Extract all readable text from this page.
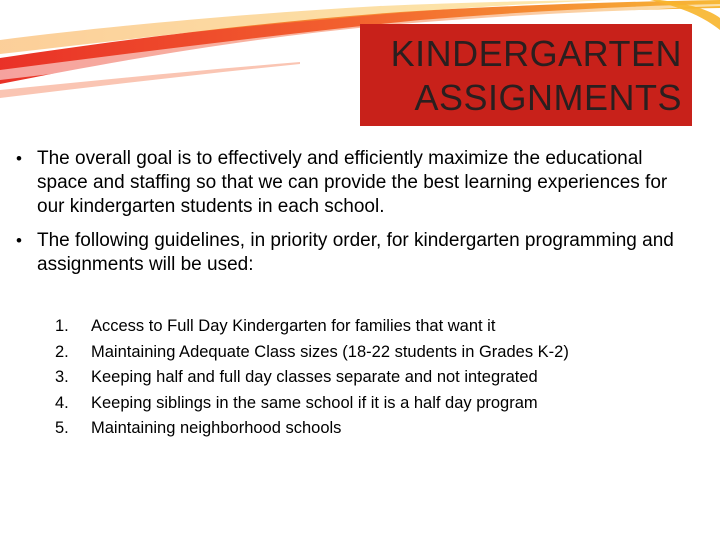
KINDERGARTEN
ASSIGNMENTS
• The overall goal is to effectively and efficiently maximize the educational space and staffing so that we can provide the best learning experiences for our kindergarten students in each school.
• The following guidelines, in priority order, for kindergarten programming and assignments will be used:
1. Access to Full Day Kindergarten for families that want it
2. Maintaining Adequate Class sizes (18-22 students in Grades K-2)
3. Keeping half and full day classes separate and not integrated
4. Keeping siblings in the same school if it is a half day program
5. Maintaining neighborhood schools
